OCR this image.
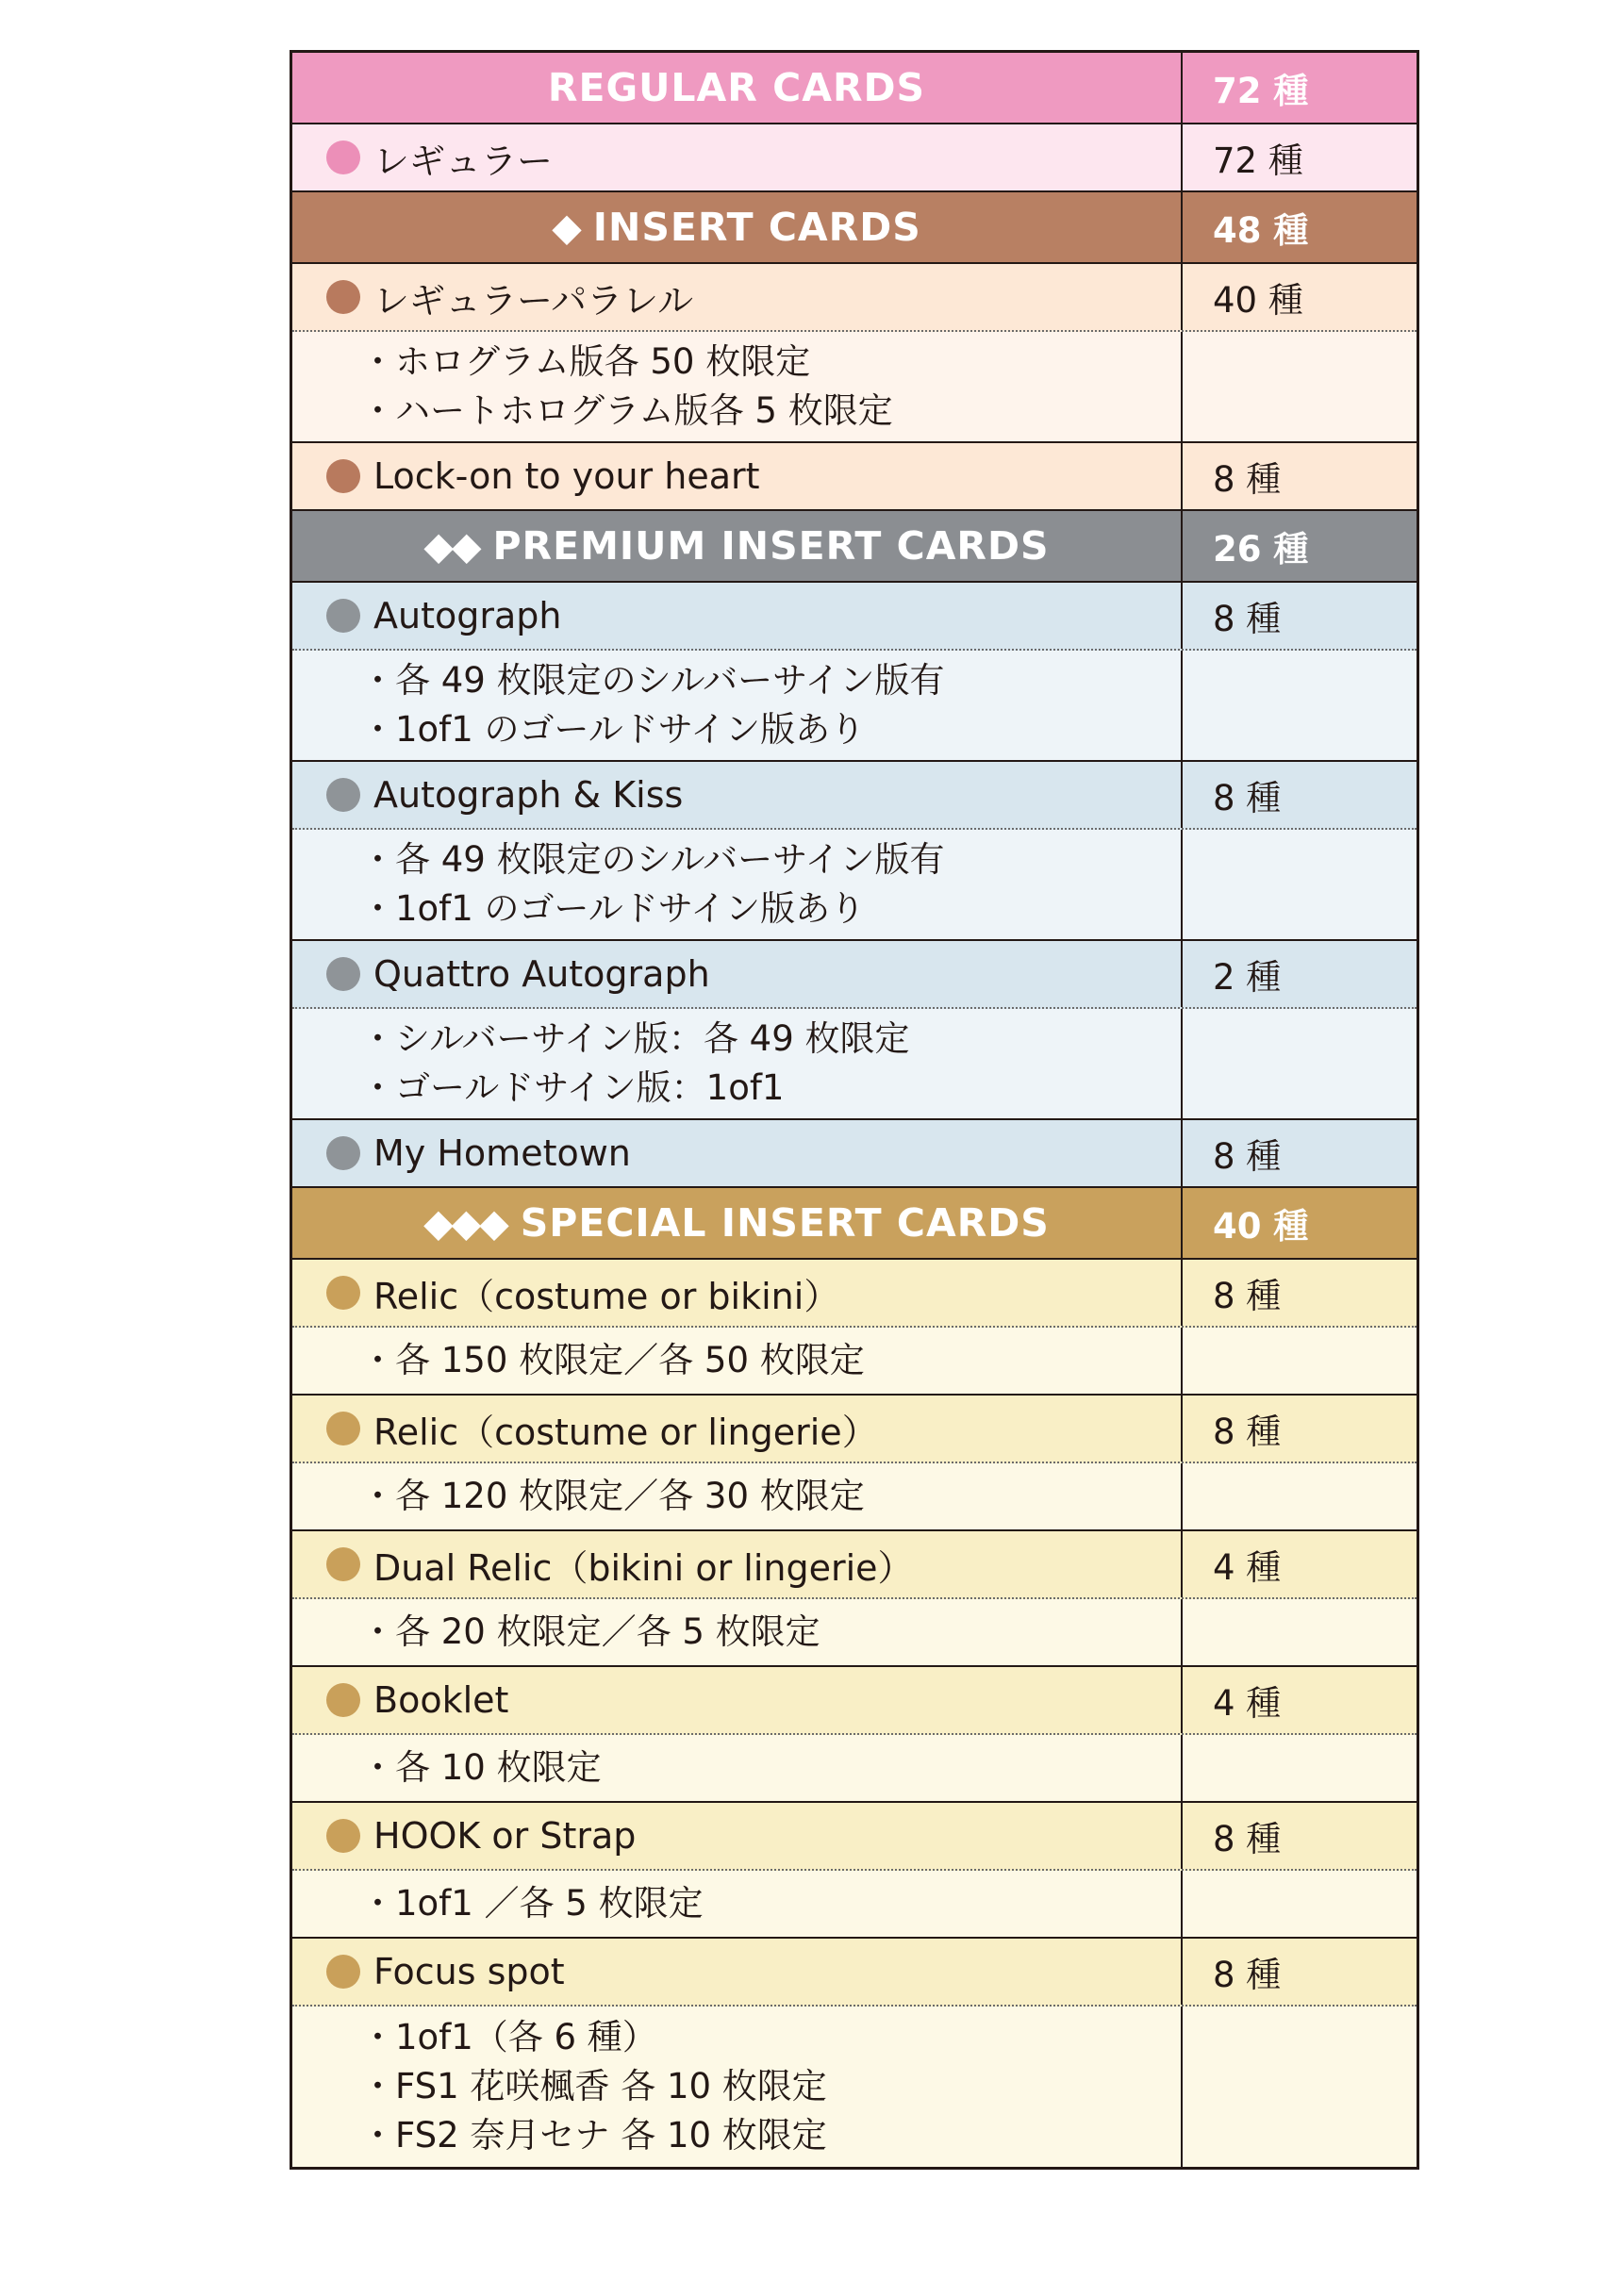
REGULAR CARDS	72 種
レギュラー	72 種
◆ INSERT CARDS	48 種
レギュラーパラレル	40 種
・ ホログラム版各 50 枚限定
・ ハートホログラム版各 5 枚限定
Lock-on to your heart	8 種
◆◆ PREMIUM INSERT CARDS	26 種
Autograph	8 種
・ 各 49 枚限定のシルバーサイン版有
・ 1of1 のゴールドサイン版あり
Autograph & Kiss	8 種
・ 各 49 枚限定のシルバーサイン版有
・ 1of1 のゴールドサイン版あり
Quattro Autograph	2 種
・ シルバーサイン版：各 49 枚限定
・ ゴールドサイン版：1of1
My Hometown	8 種
◆◆◆ SPECIAL INSERT CARDS	40 種
Relic（costume or bikini）	8 種
・ 各 150 枚限定／各 50 枚限定
Relic（costume or lingerie）	8 種
・ 各 120 枚限定／各 30 枚限定
Dual Relic（bikini or lingerie）	4 種
・ 各 20 枚限定／各 5 枚限定
Booklet	4 種
・ 各 10 枚限定
HOOK or Strap	8 種
・ 1of1 ／各 5 枚限定
Focus spot	8 種
・ 1of1（各 6 種）
・ FS1 花咲楓香 各 10 枚限定
・ FS2 奈月セナ 各 10 枚限定
